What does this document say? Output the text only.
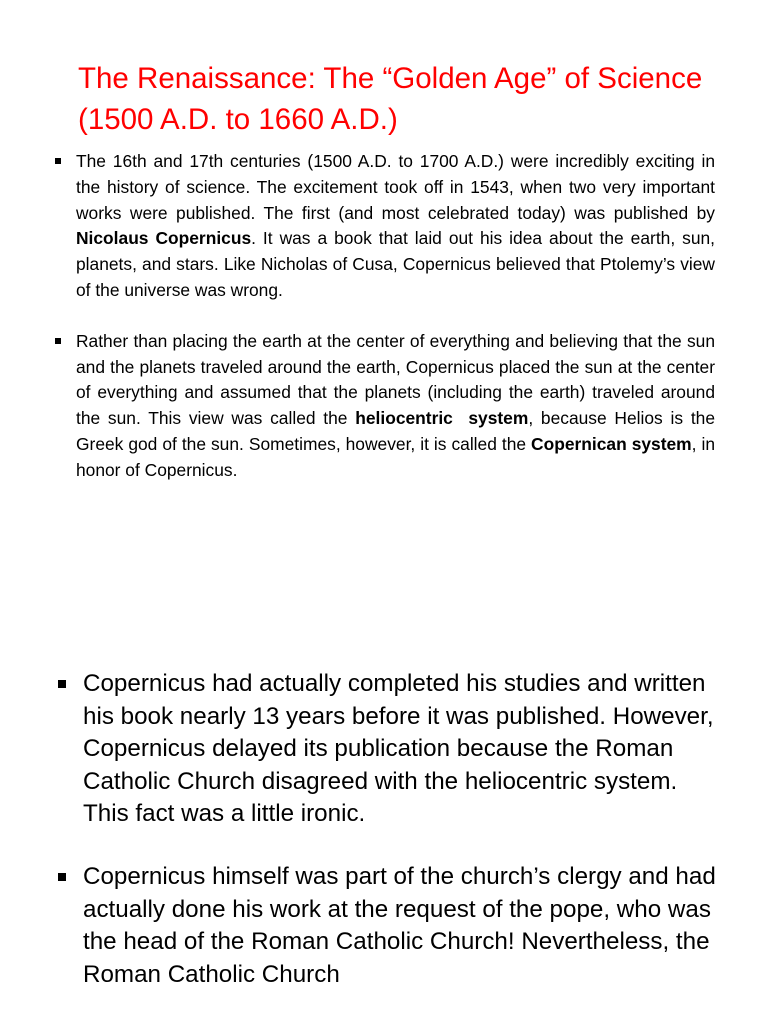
The Renaissance: The “Golden Age” of Science (1500 A.D. to 1660 A.D.)
The 16th and 17th centuries (1500 A.D. to 1700 A.D.) were incredibly exciting in the history of science. The excitement took off in 1543, when two very important works were published. The first (and most celebrated today) was published by Nicolaus Copernicus. It was a book that laid out his idea about the earth, sun, planets, and stars. Like Nicholas of Cusa, Copernicus believed that Ptolemy’s view of the universe was wrong.
Rather than placing the earth at the center of everything and believing that the sun and the planets traveled around the earth, Copernicus placed the sun at the center of everything and assumed that the planets (including the earth) traveled around the sun. This view was called the heliocentric  system, because Helios is the Greek god of the sun. Sometimes, however, it is called the Copernican system, in honor of Copernicus.
Copernicus had actually completed his studies and written his book nearly 13 years before it was published. However, Copernicus delayed its publication because the Roman Catholic Church disagreed with the heliocentric system. This fact was a little ironic.
Copernicus himself was part of the church’s clergy and had actually done his work at the request of the pope, who was the head of the Roman Catholic Church! Nevertheless, the Roman Catholic Church
